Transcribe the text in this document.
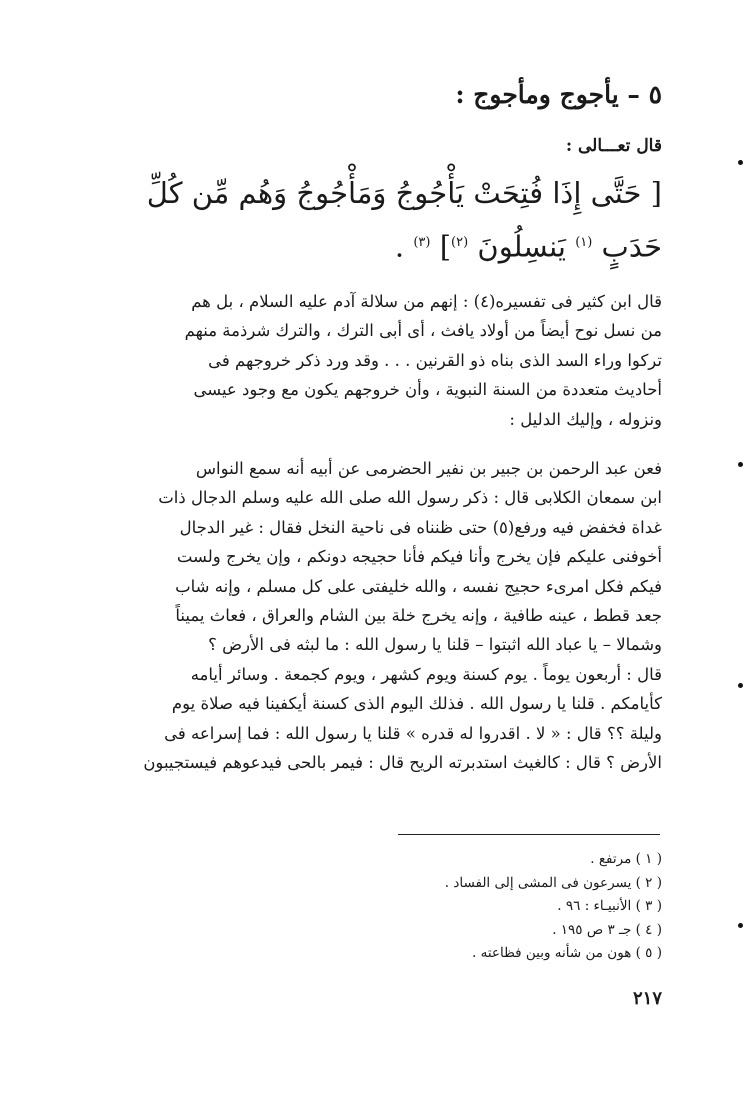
٥ – يأجوج ومأجوج :
قال تعـــالى :
[ حَتَّى إِذَا فُتِحَتْ يَأْجُوجُ وَمَأْجُوجُ وَهُم مِّن كُلِّ
حَدَبٍ $^{(١)}$ يَنسِلُونَ $^{(٢)}$] $^{(٣)}$ .
قال ابن كثير فى تفسيره(٤) : إنهم من سلالة آدم عليه السلام ، بل هم
من نسل نوح أيضاً من أولاد يافث ، أى أبى الترك ، والترك شرذمة منهم
تركوا وراء السد الذى بناه ذو القرنين . . . وقد ورد ذكر خروجهم فى
أحاديث متعددة من السنة النبوية ، وأن خروجهم يكون مع وجود عيسى
ونزوله ، وإليك الدليل :
فعن عبد الرحمن بن جبير بن نفير الحضرمى عن أبيه أنه سمع النواس
ابن سمعان الكلابى قال : ذكر رسول الله صلى الله عليه وسلم الدجال ذات
غداة فخفض فيه ورفع(٥) حتى ظنناه فى ناحية النخل فقال : غير الدجال
أخوفنى عليكم فإن يخرج وأنا فيكم فأنا حجيجه دونكم ، وإن يخرج ولست
فيكم فكل امرىء حجيج نفسه ، والله خليفتى على كل مسلم ، وإنه شاب
جعد قطط ، عينه طافية ، وإنه يخرج خلة بين الشام والعراق ، فعاث يميناً
وشمالا – يا عباد الله اثبتوا – قلنا يا رسول الله : ما لبثه فى الأرض ؟
قال : أربعون يوماً . يوم كسنة ويوم كشهر ، ويوم كجمعة . وسائر أيامه
كأيامكم . قلنا يا رسول الله . فذلك اليوم الذى كسنة أيكفينا فيه صلاة يوم
وليلة ؟؟ قال : « لا . اقدروا له قدره » قلنا يا رسول الله : فما إسراعه فى
الأرض ؟ قال : كالغيث استدبرته الريح قال : فيمر بالحى فيدعوهم فيستجيبون
( ١ ) مرتفع .
( ٢ ) يسرعون فى المشى إلى الفساد .
( ٣ ) الأنبيـاء : ٩٦ .
( ٤ ) جـ ٣ ص ١٩٥ .
( ٥ ) هون من شأنه وبين فظاعته .
٢١٧
